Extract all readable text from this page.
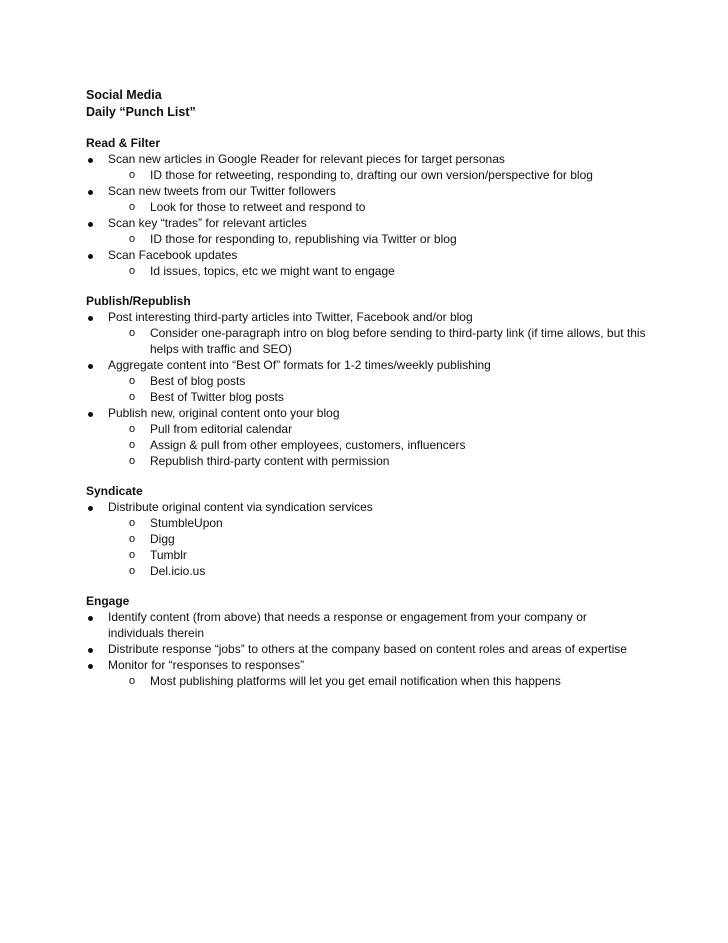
Social Media
Daily “Punch List”
Read & Filter
Scan new articles in Google Reader for relevant pieces for target personas
o ID those for retweeting, responding to, drafting our own version/perspective for blog
Scan new tweets from our Twitter followers
o Look for those to retweet and respond to
Scan key “trades” for relevant articles
o ID those for responding to, republishing via Twitter or blog
Scan Facebook updates
o Id issues, topics, etc we might want to engage
Publish/Republish
Post interesting third-party articles into Twitter, Facebook and/or blog
o Consider one-paragraph intro on blog before sending to third-party link (if time allows, but this helps with traffic and SEO)
Aggregate content into “Best Of” formats for 1-2 times/weekly publishing
o Best of blog posts
o Best of Twitter blog posts
Publish new, original content onto your blog
o Pull from editorial calendar
o Assign & pull from other employees, customers, influencers
o Republish third-party content with permission
Syndicate
Distribute original content via syndication services
o StumbleUpon
o Digg
o Tumblr
o Del.icio.us
Engage
Identify content (from above) that needs a response or engagement from your company or individuals therein
Distribute response “jobs” to others at the company based on content roles and areas of expertise
Monitor for “responses to responses”
o Most publishing platforms will let you get email notification when this happens
